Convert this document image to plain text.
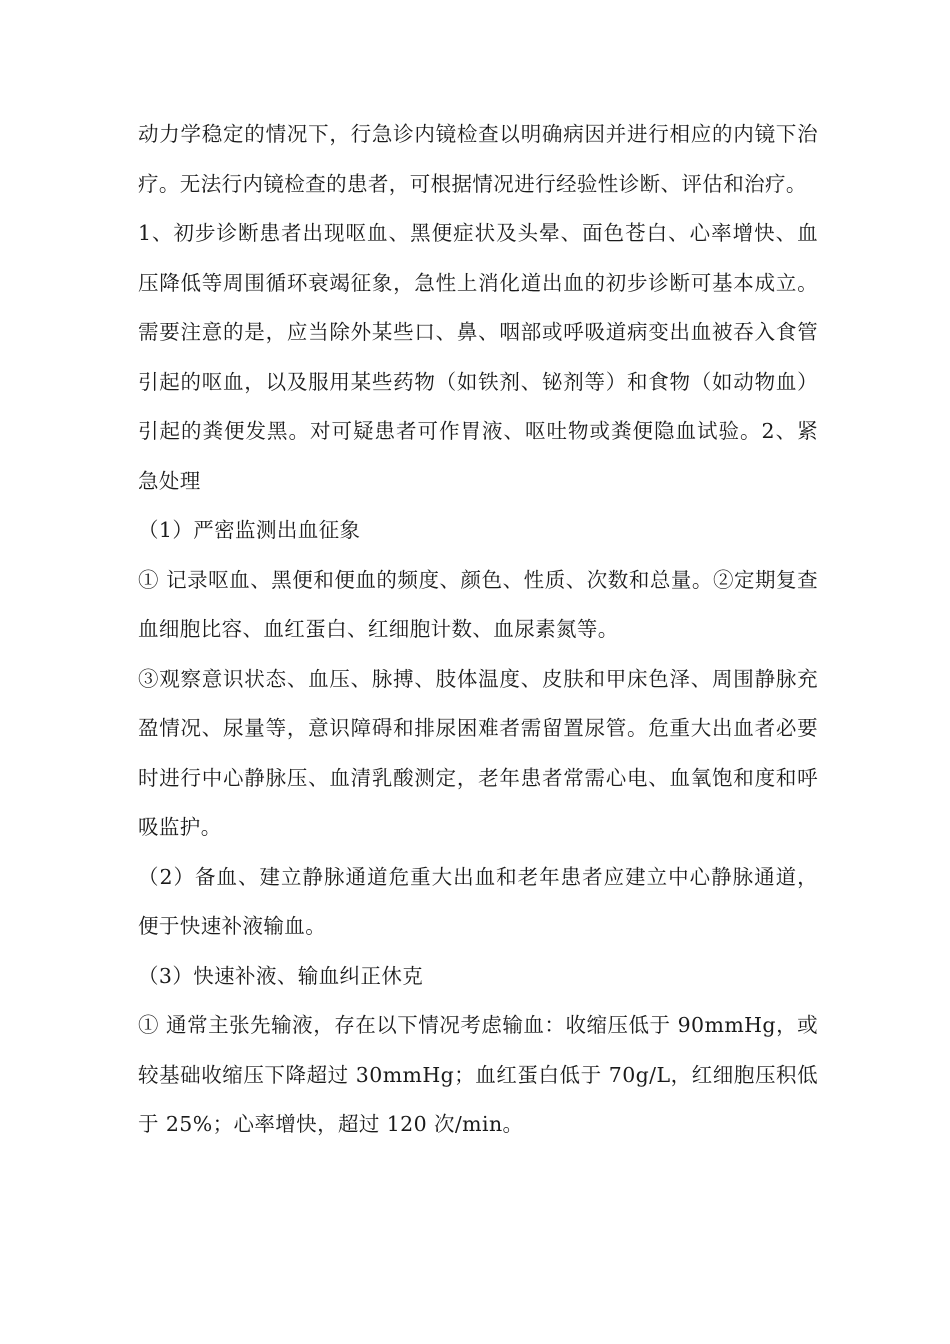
动力学稳定的情况下，行急诊内镜检查以明确病因并进行相应的内镜下治疗。无法行内镜检查的患者，可根据情况进行经验性诊断、评估和治疗。

1、初步诊断患者出现呕血、黑便症状及头晕、面色苍白、心率增快、血压降低等周围循环衰竭征象，急性上消化道出血的初步诊断可基本成立。需要注意的是，应当除外某些口、鼻、咽部或呼吸道病变出血被吞入食管引起的呕血，以及服用某些药物（如铁剂、铋剂等）和食物（如动物血）引起的粪便发黑。对可疑患者可作胃液、呕吐物或粪便隐血试验。2、紧急处理

（1）严密监测出血征象

① 记录呕血、黑便和便血的频度、颜色、性质、次数和总量。②定期复查血细胞比容、血红蛋白、红细胞计数、血尿素氮等。

③观察意识状态、血压、脉搏、肢体温度、皮肤和甲床色泽、周围静脉充盈情况、尿量等，意识障碍和排尿困难者需留置尿管。危重大出血者必要时进行中心静脉压、血清乳酸测定，老年患者常需心电、血氧饱和度和呼吸监护。

（2）备血、建立静脉通道危重大出血和老年患者应建立中心静脉通道，便于快速补液输血。

（3）快速补液、输血纠正休克

① 通常主张先输液，存在以下情况考虑输血：收缩压低于 90mmHg，或较基础收缩压下降超过 30mmHg；血红蛋白低于 70g/L，红细胞压积低于 25%；心率增快，超过 120 次/min。
